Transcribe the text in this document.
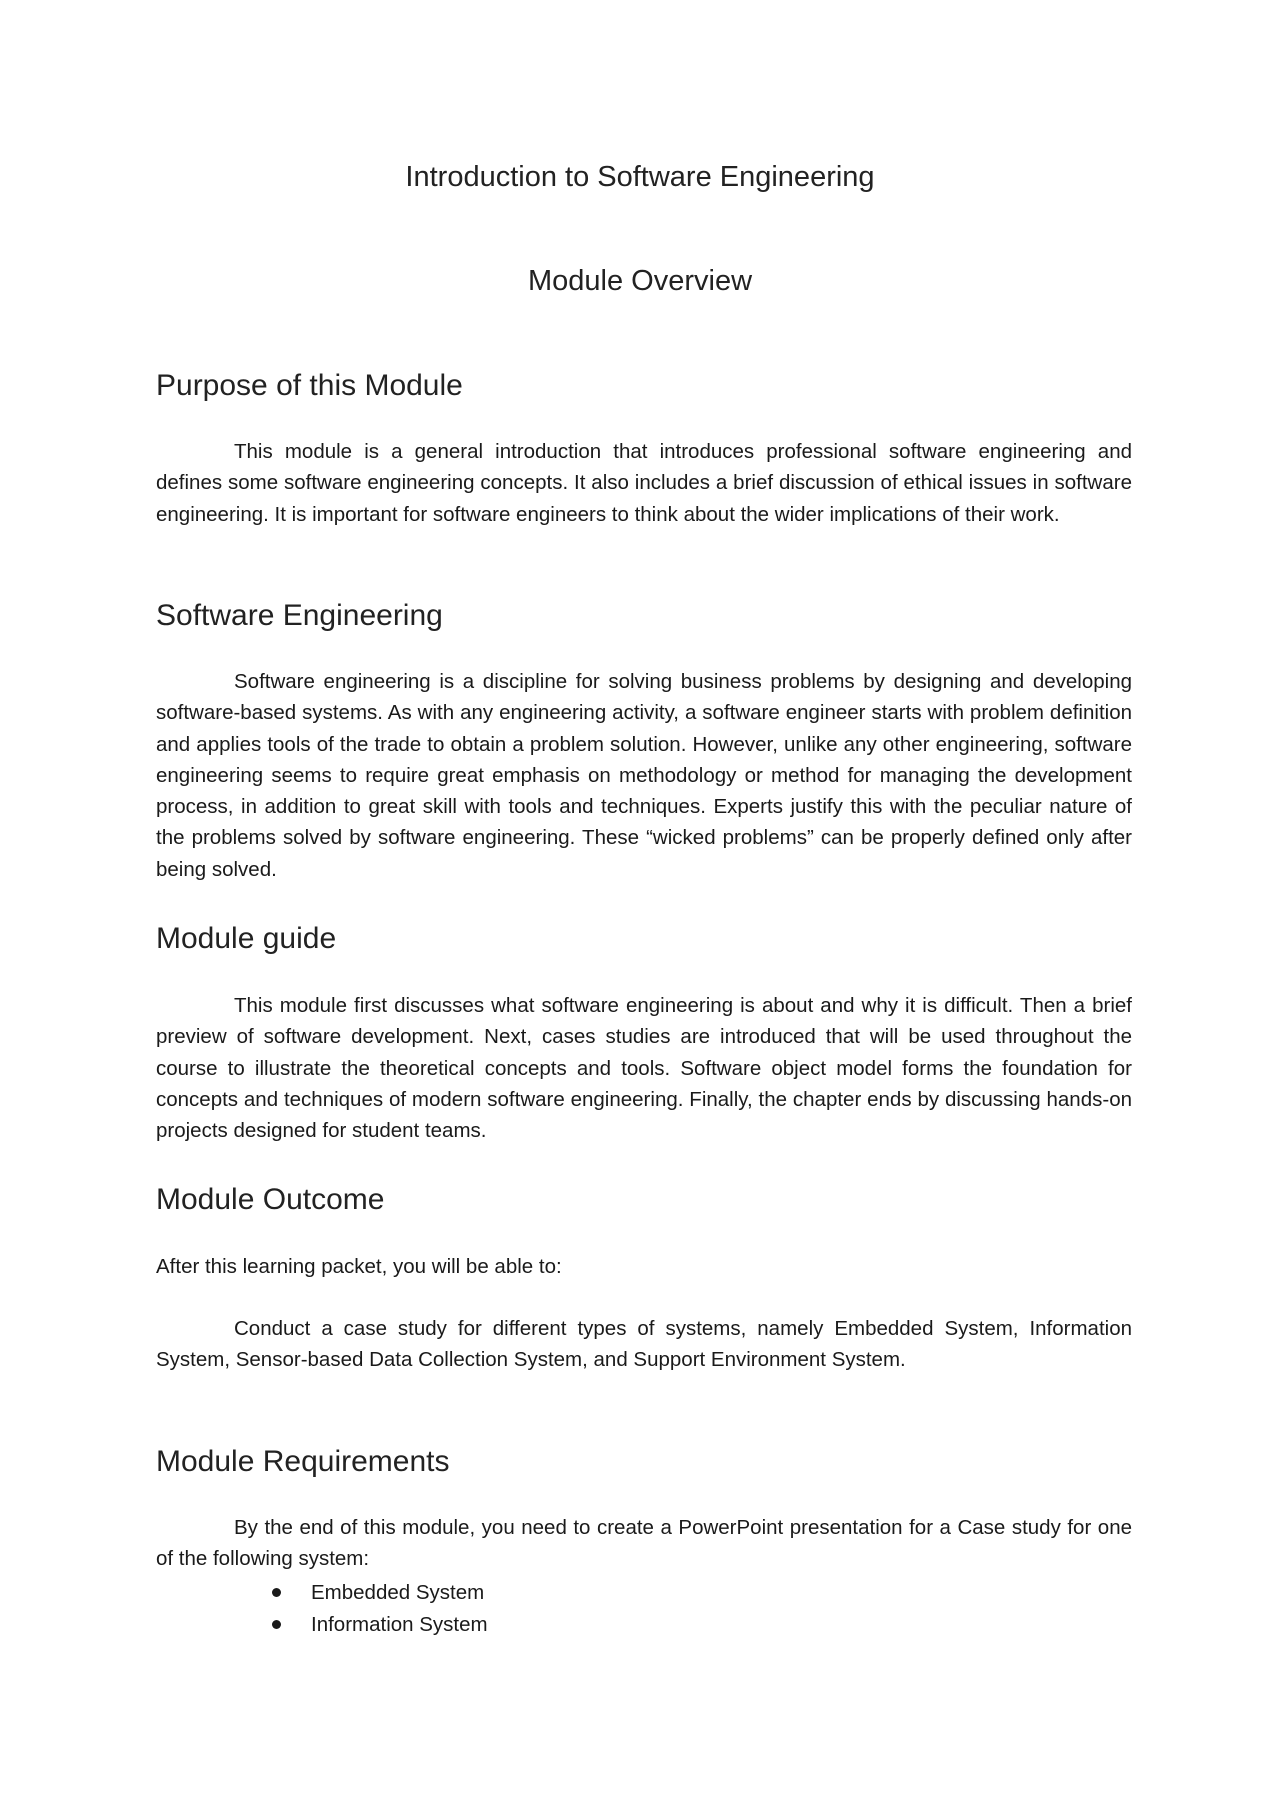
Introduction to Software Engineering
Module Overview
Purpose of this Module

This module is a general introduction that introduces professional software engineering and defines some software engineering concepts. It also includes a brief discussion of ethical issues in software engineering. It is important for software engineers to think about the wider implications of their work.

Software Engineering

Software engineering is a discipline for solving business problems by designing and developing software-based systems. As with any engineering activity, a software engineer starts with problem definition and applies tools of the trade to obtain a problem solution. However, unlike any other engineering, software engineering seems to require great emphasis on methodology or method for managing the development process, in addition to great skill with tools and techniques. Experts justify this with the peculiar nature of the problems solved by software engineering. These “wicked problems” can be properly defined only after being solved.

Module guide

This module first discusses what software engineering is about and why it is difficult. Then a brief preview of software development. Next, cases studies are introduced that will be used throughout the course to illustrate the theoretical concepts and tools. Software object model forms the foundation for concepts and techniques of modern software engineering. Finally, the chapter ends by discussing hands-on projects designed for student teams.

Module Outcome

After this learning packet, you will be able to:

Conduct a case study for different types of systems, namely Embedded System, Information System, Sensor-based Data Collection System, and Support Environment System.

Module Requirements

By the end of this module, you need to create a PowerPoint presentation for a Case study for one of the following system:

Embedded System
Information System
